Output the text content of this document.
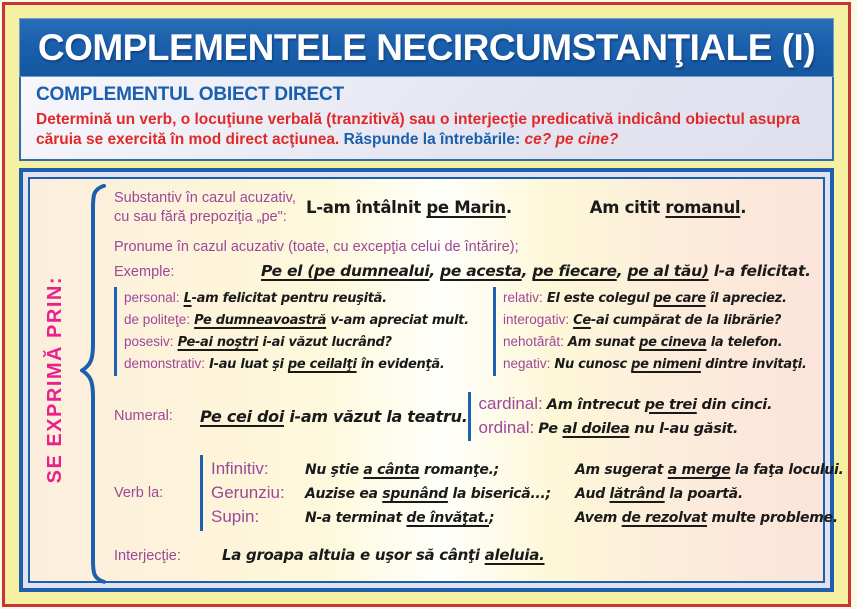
COMPLEMENTELE NECIRCUMSTANŢIALE (I)
COMPLEMENTUL OBIECT DIRECT

Determină un verb, o locuţiune verbală (tranzitivă) sau o interjecţie predicativă indicând obiectul asupra căruia se exercită în mod direct acţiunea. Răspunde la întrebările: ce? pe cine?

SE EXPRIMĂ PRIN:
Substantiv în cazul acuzativ,
cu sau fără prepoziţia „pe":	L-am întâlnit pe Marin.	Am citit romanul.
Pronume în cazul acuzativ (toate, cu excepţia celui de întărire);
Exemple:	Pe el (pe dumnealui, pe acesta, pe fiecare, pe al tău) l-a felicitat.
personal: L-am felicitat pentru reuşită.
de politeţe: Pe dumneavoastră v-am apreciat mult.
posesiv: Pe-ai noştri i-ai văzut lucrând?
demonstrativ: I-au luat şi pe ceilalţi în evidenţă.
relativ: El este colegul pe care îl apreciez.
interogativ: Ce-ai cumpărat de la librărie?
nehotărât: Am sunat pe cineva la telefon.
negativ: Nu cunosc pe nimeni dintre invitaţi.
Numeral:	Pe cei doi i-am văzut la teatru.
cardinal: Am întrecut pe trei din cinci.
ordinal: Pe al doilea nu l-au găsit.
Verb la:
Infinitiv:	Nu ştie a cânta romanţe.;	Am sugerat a merge la faţa locului.
Gerunziu:	Auzise ea spunând la biserică...;	Aud lătrând la poartă.
Supin:	N-a terminat de învăţat.;	Avem de rezolvat multe probleme.
Interjecţie:	La groapa altuia e uşor să cânţi aleluia.
